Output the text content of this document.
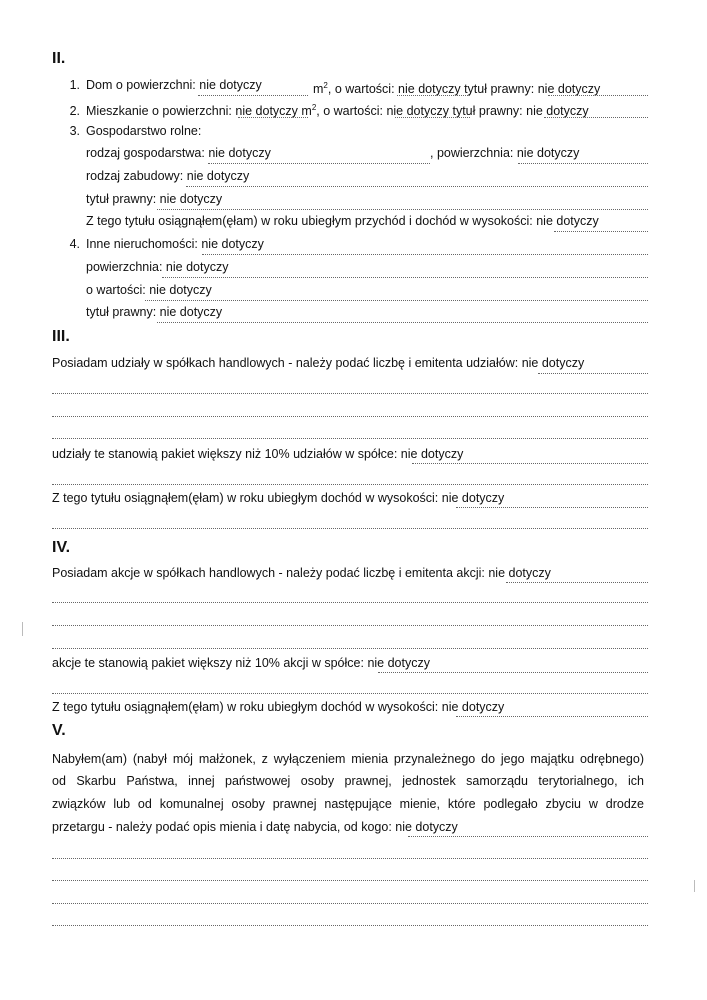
II.
1. Dom o powierzchni: nie dotyczy	$m^2$, o wartości: nie dotyczy tytuł prawny: nie dotyczy
2. Mieszkanie o powierzchni: nie dotyczy $m^2$, o wartości: nie dotyczy tytuł prawny: nie dotyczy
3. Gospodarstwo rolne:
rodzaj gospodarstwa: nie dotyczy	, powierzchnia: nie dotyczy
rodzaj zabudowy: nie dotyczy
tytuł prawny: nie dotyczy
Z tego tytułu osiągnąłem(ęłam) w roku ubiegłym przychód i dochód w wysokości: nie dotyczy
4. Inne nieruchomości: nie dotyczy
powierzchnia: nie dotyczy
o wartości: nie dotyczy
tytuł prawny: nie dotyczy
III.
Posiadam udziały w spółkach handlowych - należy podać liczbę i emitenta udziałów: nie dotyczy
udziały te stanowią pakiet większy niż 10% udziałów w spółce: nie dotyczy
Z tego tytułu osiągnąłem(ęłam) w roku ubiegłym dochód w wysokości: nie dotyczy
IV.
Posiadam akcje w spółkach handlowych - należy podać liczbę i emitenta akcji: nie dotyczy
akcje te stanowią pakiet większy niż 10% akcji w spółce: nie dotyczy
Z tego tytułu osiągnąłem(ęłam) w roku ubiegłym dochód w wysokości: nie dotyczy
V.
Nabyłem(am) (nabył mój małżonek, z wyłączeniem mienia przynależnego do jego majątku odrębnego)
od Skarbu Państwa, innej państwowej osoby prawnej, jednostek samorządu terytorialnego, ich
związków lub od komunalnej osoby prawnej następujące mienie, które podlegało zbyciu w drodze
przetargu - należy podać opis mienia i datę nabycia, od kogo: nie dotyczy
